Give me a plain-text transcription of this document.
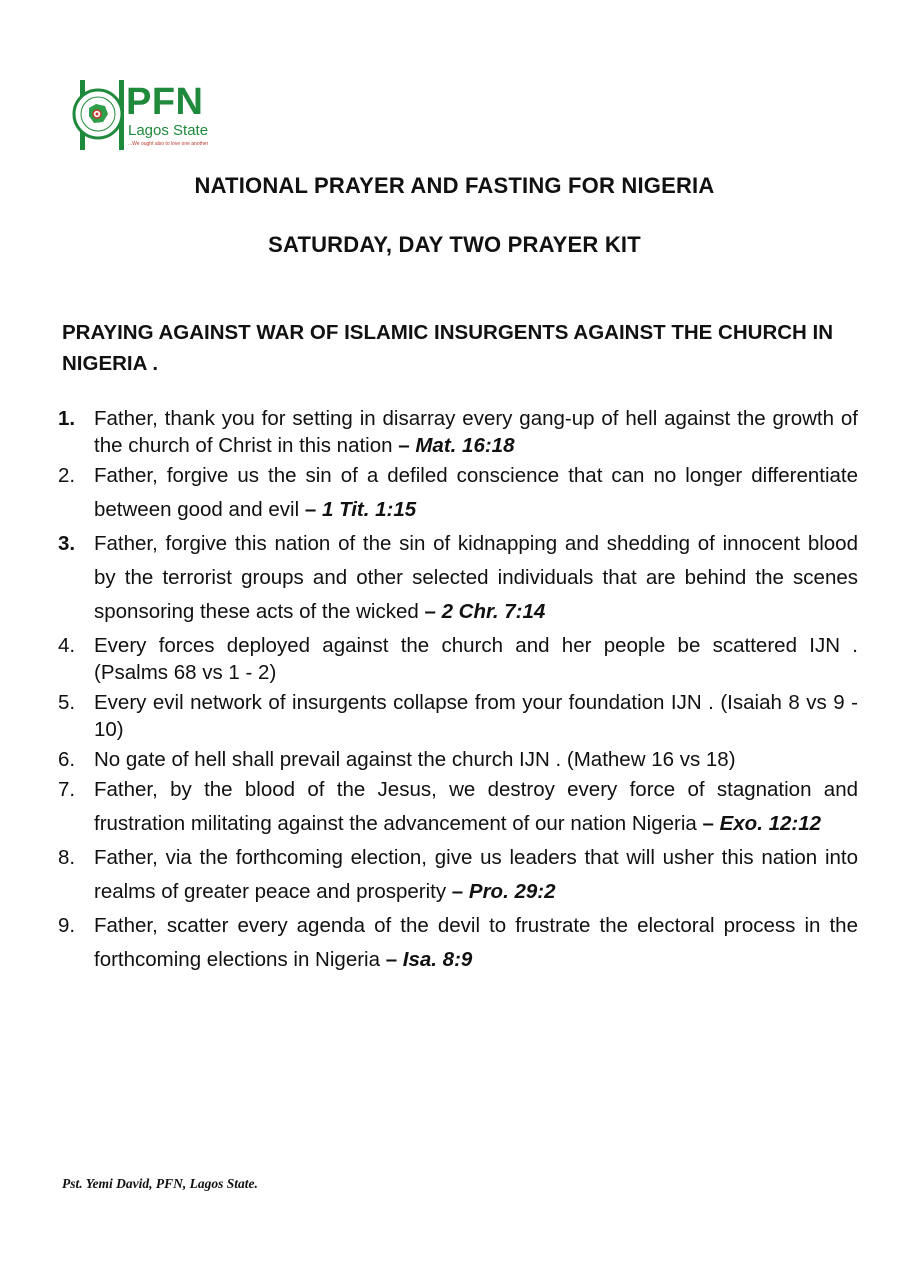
PFN
Lagos State
...We ought also to love one another
NATIONAL PRAYER AND FASTING FOR NIGERIA
SATURDAY, DAY TWO PRAYER KIT
PRAYING AGAINST WAR OF ISLAMIC INSURGENTS AGAINST THE CHURCH IN NIGERIA .
1. Father, thank you for setting in disarray every gang-up of hell against the growth of the church of Christ in this nation – Mat. 16:18
2. Father, forgive us the sin of a defiled conscience that can no longer differentiate between good and evil – 1 Tit. 1:15
3. Father, forgive this nation of the sin of kidnapping and shedding of innocent blood by the terrorist groups and other selected individuals that are behind the scenes sponsoring these acts of the wicked – 2 Chr. 7:14
4. Every forces deployed against the church and her people be scattered IJN . (Psalms 68 vs 1 - 2)
5. Every evil network of insurgents collapse from your foundation IJN . (Isaiah 8 vs 9 - 10)
6. No gate of hell shall prevail against the church IJN . (Mathew 16 vs 18)
7. Father, by the blood of the Jesus, we destroy every force of stagnation and frustration militating against the advancement of our nation Nigeria – Exo. 12:12
8. Father, via the forthcoming election, give us leaders that will usher this nation into realms of greater peace and prosperity – Pro. 29:2
9. Father, scatter every agenda of the devil to frustrate the electoral process in the forthcoming elections in Nigeria – Isa. 8:9
Pst. Yemi David, PFN, Lagos State.
